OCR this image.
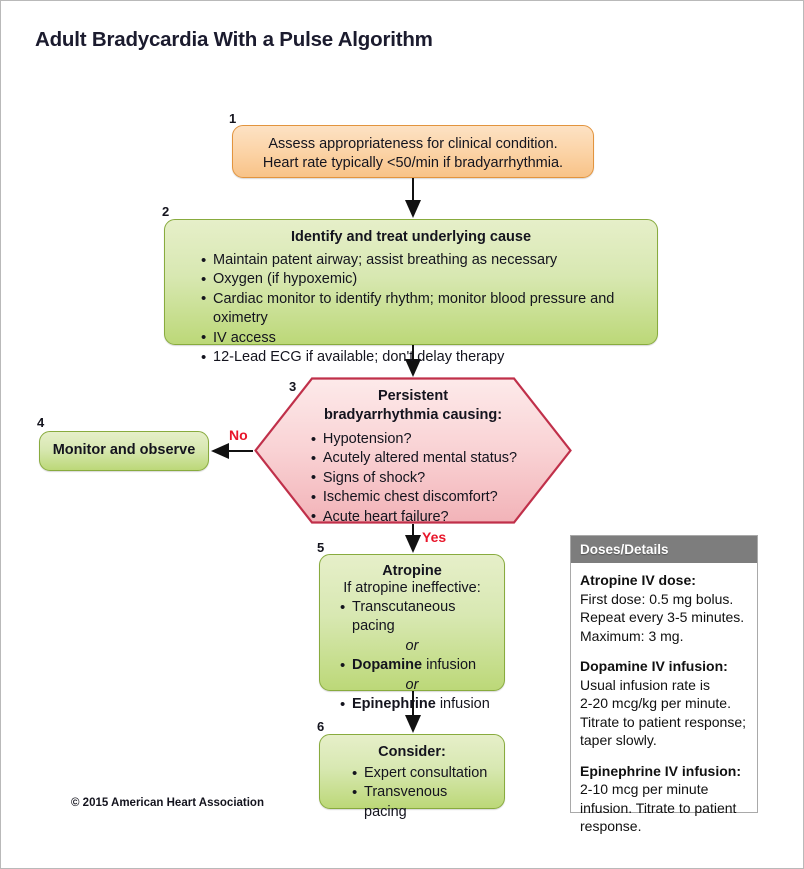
Adult Bradycardia With a Pulse Algorithm
1
Assess appropriateness for clinical condition.
Heart rate typically <50/min if bradyarrhythmia.
2
Identify and treat underlying cause
• Maintain patent airway; assist breathing as necessary
• Oxygen (if hypoxemic)
• Cardiac monitor to identify rhythm; monitor blood pressure and oximetry
• IV access
• 12-Lead ECG if available; don't delay therapy
3
Persistent
bradyarrhythmia causing:
• Hypotension?
• Acutely altered mental status?
• Signs of shock?
• Ischemic chest discomfort?
• Acute heart failure?
No
Yes
4
Monitor and observe
5
Atropine
If atropine ineffective:
• Transcutaneous pacing
or
• Dopamine infusion
or
• Epinephrine infusion
6
Consider:
• Expert consultation
• Transvenous pacing
Doses/Details
Atropine IV dose:
First dose: 0.5 mg bolus.
Repeat every 3-5 minutes.
Maximum: 3 mg.
Dopamine IV infusion:
Usual infusion rate is
2-20 mcg/kg per minute.
Titrate to patient response;
taper slowly.
Epinephrine IV infusion:
2-10 mcg per minute
infusion. Titrate to patient
response.
© 2015 American Heart Association
